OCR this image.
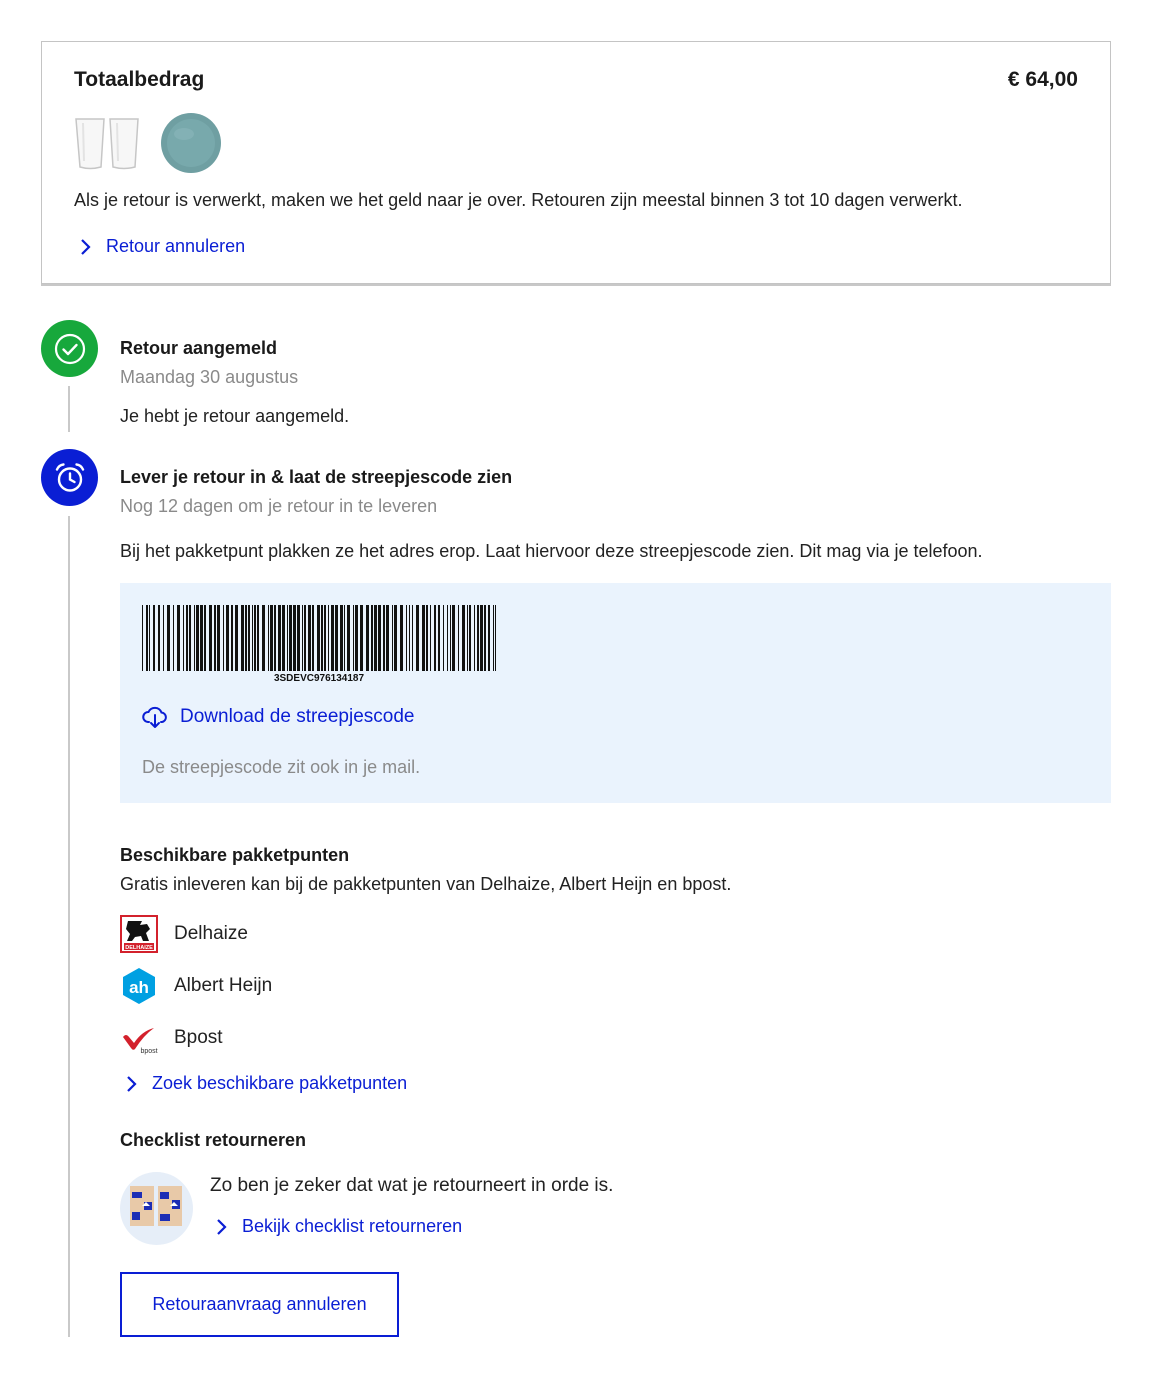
Totaalbedrag	€ 64,00
Als je retour is verwerkt, maken we het geld naar je over. Retouren zijn meestal binnen 3 tot 10 dagen verwerkt.
Retour annuleren
Retour aangemeld
Maandag 30 augustus
Je hebt je retour aangemeld.
Lever je retour in & laat de streepjescode zien
Nog 12 dagen om je retour in te leveren
Bij het pakketpunt plakken ze het adres erop. Laat hiervoor deze streepjescode zien. Dit mag via je telefoon.
3SDEVC976134187
Download de streepjescode
De streepjescode zit ook in je mail.
Beschikbare pakketpunten
Gratis inleveren kan bij de pakketpunten van Delhaize, Albert Heijn en bpost.
DELHAIZE
Delhaize
ah Albert Heijn
bpost
Bpost
Zoek beschikbare pakketpunten
Checklist retourneren
Zo ben je zeker dat wat je retourneert in orde is.
Bekijk checklist retourneren
Retouraanvraag annuleren
